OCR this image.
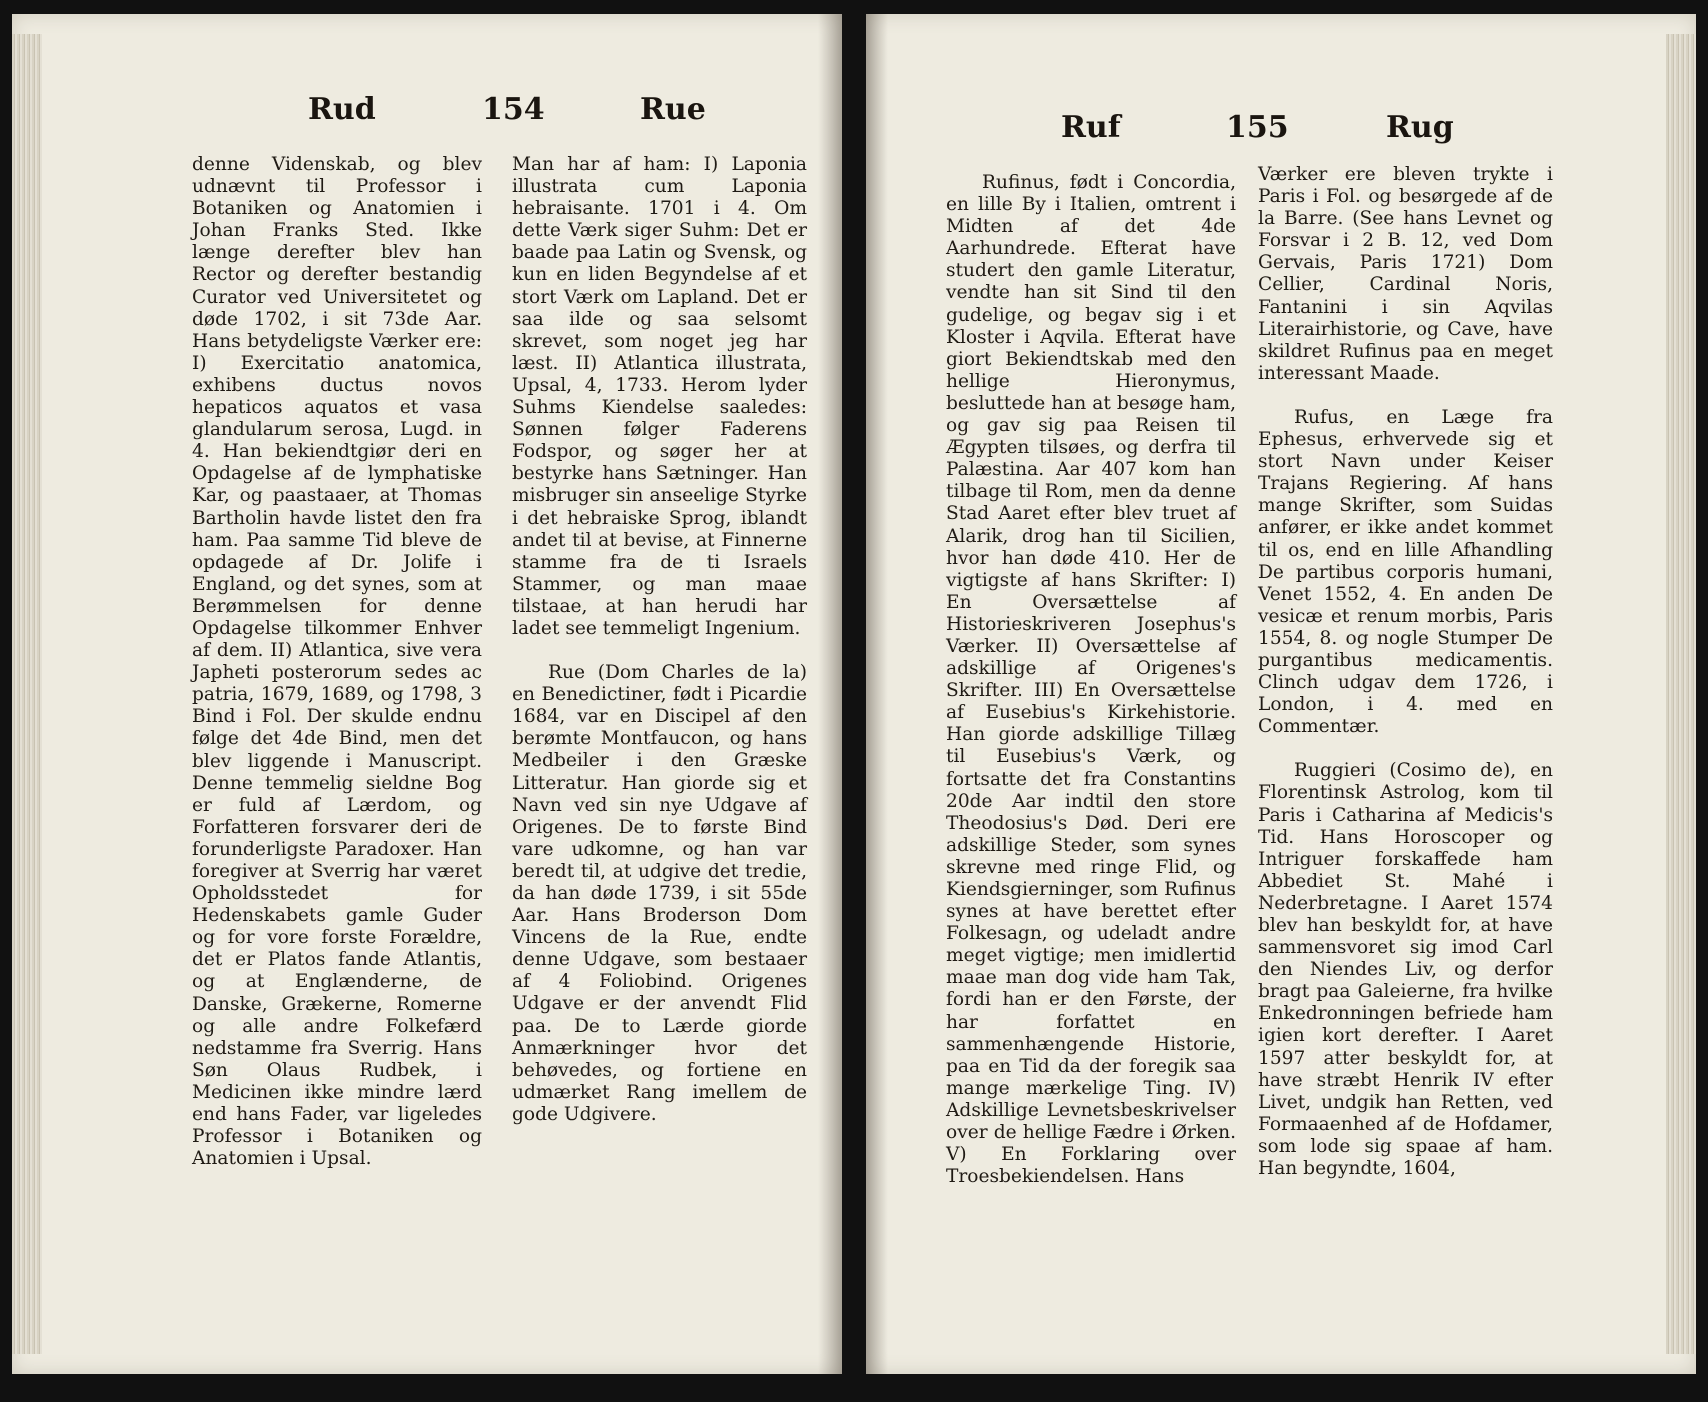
Rud	154	Rue

denne Videnskab, og blev udnævnt til Professor i Botaniken og Anatomien i Johan Franks Sted. Ikke længe derefter blev han Rector og derefter bestandig Curator ved Universitetet og døde 1702, i sit 73de Aar. Hans betydeligste Værker ere: I) Exercitatio anatomica, exhibens ductus novos hepaticos aquatos et vasa glandularum serosa, Lugd. in 4. Han bekiendtgiør deri en Opdagelse af de lymphatiske Kar, og paastaaer, at Thomas Bartholin havde listet den fra ham. Paa samme Tid bleve de opdagede af Dr. Jolife i England, og det synes, som at Berømmelsen for denne Opdagelse tilkommer Enhver af dem. II) Atlantica, sive vera Japheti posterorum sedes ac patria, 1679, 1689, og 1798, 3 Bind i Fol. Der skulde endnu følge det 4de Bind, men det blev liggende i Manuscript. Denne temmelig sieldne Bog er fuld af Lærdom, og Forfatteren forsvarer deri de forunderligste Paradoxer. Han foregiver at Sverrig har været Opholdsstedet for Hedenskabets gamle Guder og for vore forste Forældre, det er Platos fande Atlantis, og at Englænderne, de Danske, Grækerne, Romerne og alle andre Folkefærd nedstamme fra Sverrig. Hans Søn Olaus Rudbek, i Medicinen ikke mindre lærd end hans Fader, var ligeledes Professor i Botaniken og Anatomien i Upsal.

Man har af ham: I) Laponia illustrata cum Laponia hebraisante. 1701 i 4. Om dette Værk siger Suhm: Det er baade paa Latin og Svensk, og kun en liden Begyndelse af et stort Værk om Lapland. Det er saa ilde og saa selsomt skrevet, som noget jeg har læst. II) Atlantica illustrata, Upsal, 4, 1733. Herom lyder Suhms Kiendelse saaledes: Sønnen følger Faderens Fodspor, og søger her at bestyrke hans Sætninger. Han misbruger sin anseelige Styrke i det hebraiske Sprog, iblandt andet til at bevise, at Finnerne stamme fra de ti Israels Stammer, og man maae tilstaae, at han herudi har ladet see temmeligt Ingenium.

Rue (Dom Charles de la) en Benedictiner, født i Picardie 1684, var en Discipel af den berømte Montfaucon, og hans Medbeiler i den Græske Litteratur. Han giorde sig et Navn ved sin nye Udgave af Origenes. De to første Bind vare udkomne, og han var beredt til, at udgive det tredie, da han døde 1739, i sit 55de Aar. Hans Broderson Dom Vincens de la Rue, endte denne Udgave, som bestaaer af 4 Foliobind. Origenes Udgave er der anvendt Flid paa. De to Lærde giorde Anmærkninger hvor det behøvedes, og fortiene en udmærket Rang imellem de gode Udgivere.

Ruf	155	Rug

Rufinus, født i Concordia, en lille By i Italien, omtrent i Midten af det 4de Aarhundrede. Efterat have studert den gamle Literatur, vendte han sit Sind til den gudelige, og begav sig i et Kloster i Aqvila. Efterat have giort Bekiendtskab med den hellige Hieronymus, besluttede han at besøge ham, og gav sig paa Reisen til Ægypten tilsøes, og derfra til Palæstina. Aar 407 kom han tilbage til Rom, men da denne Stad Aaret efter blev truet af Alarik, drog han til Sicilien, hvor han døde 410. Her de vigtigste af hans Skrifter: I) En Oversættelse af Historieskriveren Josephus's Værker. II) Oversættelse af adskillige af Origenes's Skrifter. III) En Oversættelse af Eusebius's Kirkehistorie. Han giorde adskillige Tillæg til Eusebius's Værk, og fortsatte det fra Constantins 20de Aar indtil den store Theodosius's Død. Deri ere adskillige Steder, som synes skrevne med ringe Flid, og Kiendsgierninger, som Rufinus synes at have berettet efter Folkesagn, og udeladt andre meget vigtige; men imidlertid maae man dog vide ham Tak, fordi han er den Første, der har forfattet en sammenhængende Historie, paa en Tid da der foregik saa mange mærkelige Ting. IV) Adskillige Levnetsbeskrivelser over de hellige Fædre i Ørken. V) En Forklaring over Troesbekiendelsen. Hans

Værker ere bleven trykte i Paris i Fol. og besørgede af de la Barre. (See hans Levnet og Forsvar i 2 B. 12, ved Dom Gervais, Paris 1721) Dom Cellier, Cardinal Noris, Fantanini i sin Aqvilas Literairhistorie, og Cave, have skildret Rufinus paa en meget interessant Maade.

Rufus, en Læge fra Ephesus, erhvervede sig et stort Navn under Keiser Trajans Regiering. Af hans mange Skrifter, som Suidas anfører, er ikke andet kommet til os, end en lille Afhandling De partibus corporis humani, Venet 1552, 4. En anden De vesicæ et renum morbis, Paris 1554, 8. og nogle Stumper De purgantibus medicamentis. Clinch udgav dem 1726, i London, i 4. med en Commentær.

Ruggieri (Cosimo de), en Florentinsk Astrolog, kom til Paris i Catharina af Medicis's Tid. Hans Horoscoper og Intriguer forskaffede ham Abbediet St. Mahé i Nederbretagne. I Aaret 1574 blev han beskyldt for, at have sammensvoret sig imod Carl den Niendes Liv, og derfor bragt paa Galeierne, fra hvilke Enkedronningen befriede ham igien kort derefter. I Aaret 1597 atter beskyldt for, at have stræbt Henrik IV efter Livet, undgik han Retten, ved Formaaenhed af de Hofdamer, som lode sig spaae af ham. Han begyndte, 1604,
